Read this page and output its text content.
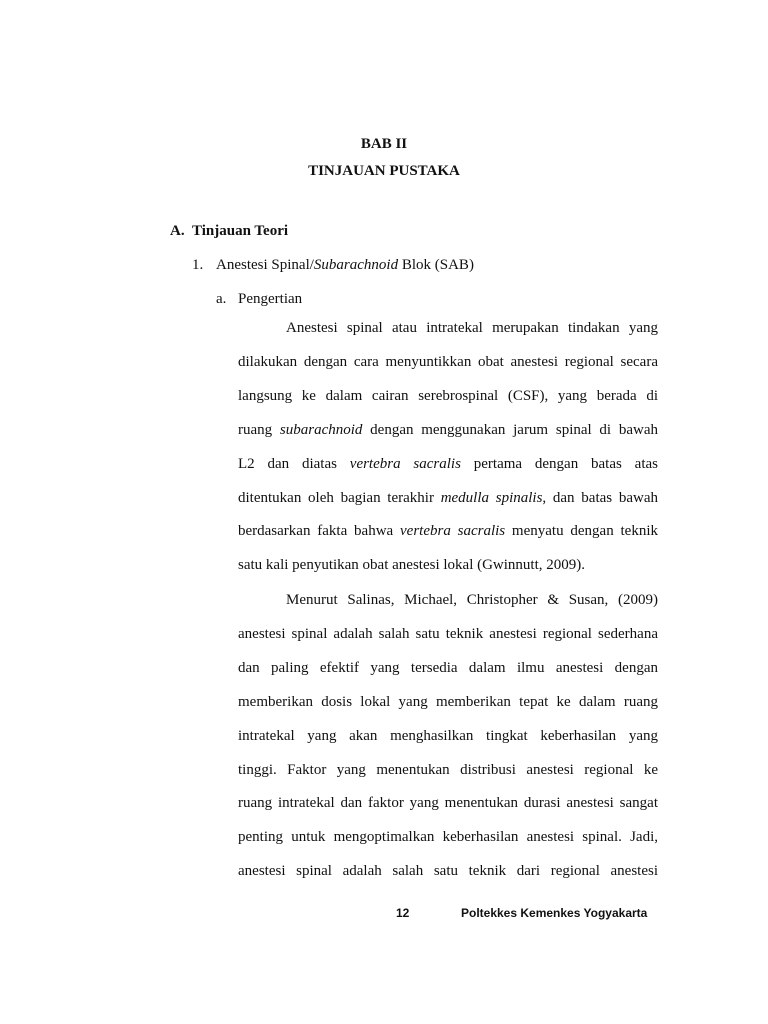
BAB II
TINJAUAN PUSTAKA
A. Tinjauan Teori
1. Anestesi Spinal/Subarachnoid Blok (SAB)
a. Pengertian
Anestesi spinal atau intratekal merupakan tindakan yang
dilakukan dengan cara menyuntikkan obat anestesi regional secara
langsung ke dalam cairan serebrospinal (CSF), yang berada di
ruang subarachnoid dengan menggunakan jarum spinal di bawah
L2 dan diatas vertebra sacralis pertama dengan batas atas
ditentukan oleh bagian terakhir medulla spinalis, dan batas bawah
berdasarkan fakta bahwa vertebra sacralis menyatu dengan teknik
satu kali penyutikan obat anestesi lokal (Gwinnutt, 2009).
Menurut Salinas, Michael, Christopher & Susan, (2009)
anestesi spinal adalah salah satu teknik anestesi regional sederhana
dan paling efektif yang tersedia dalam ilmu anestesi dengan
memberikan dosis lokal yang memberikan tepat ke dalam ruang
intratekal yang akan menghasilkan tingkat keberhasilan yang
tinggi. Faktor yang menentukan distribusi anestesi regional ke
ruang intratekal dan faktor yang menentukan durasi anestesi sangat
penting untuk mengoptimalkan keberhasilan anestesi spinal. Jadi,
anestesi spinal adalah salah satu teknik dari regional anestesi
12	Poltekkes Kemenkes Yogyakarta
